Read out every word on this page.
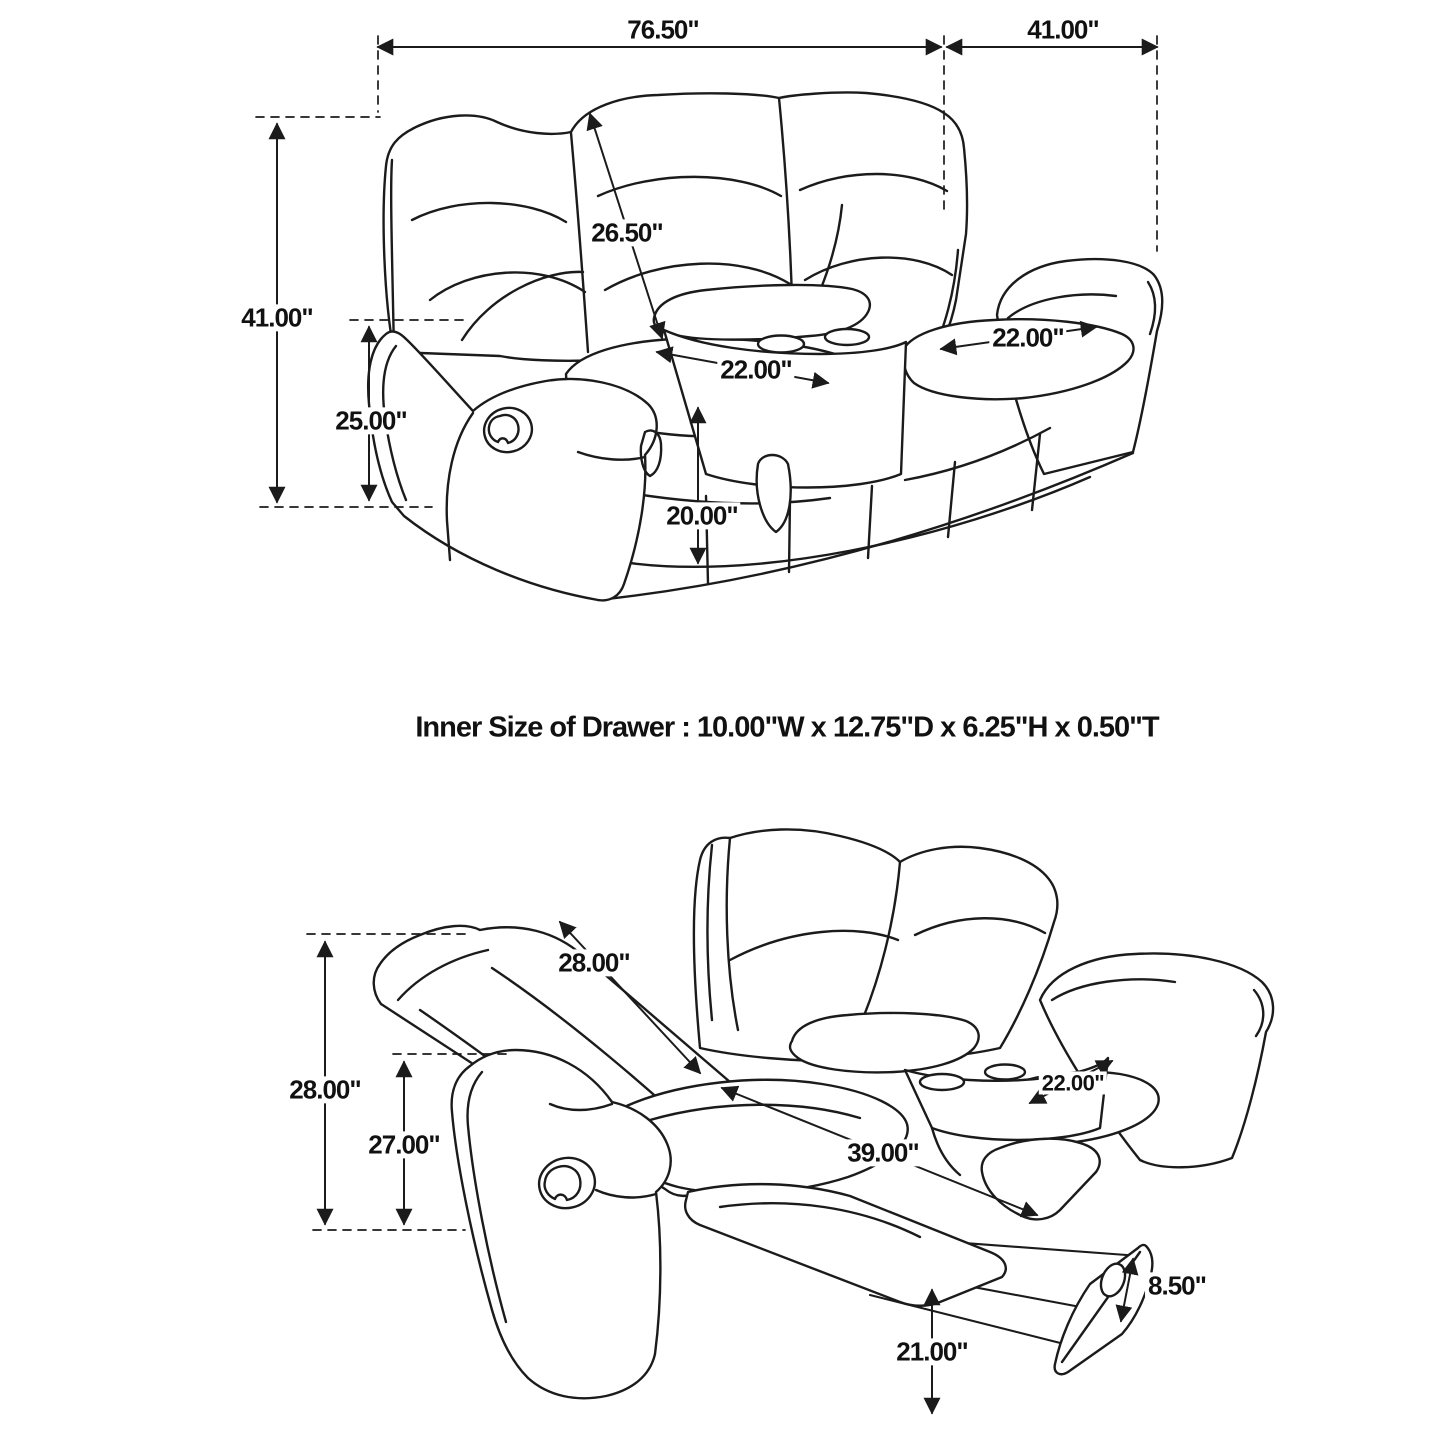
76.50"	41.00"
41.00"
26.50"
25.00"
22.00"
22.00"
20.00"
Inner Size of Drawer : 10.00"W x 12.75"D x 6.25"H x 0.50"T
28.00"
28.00"
27.00"
22.00"
39.00"
21.00"
8.50"
